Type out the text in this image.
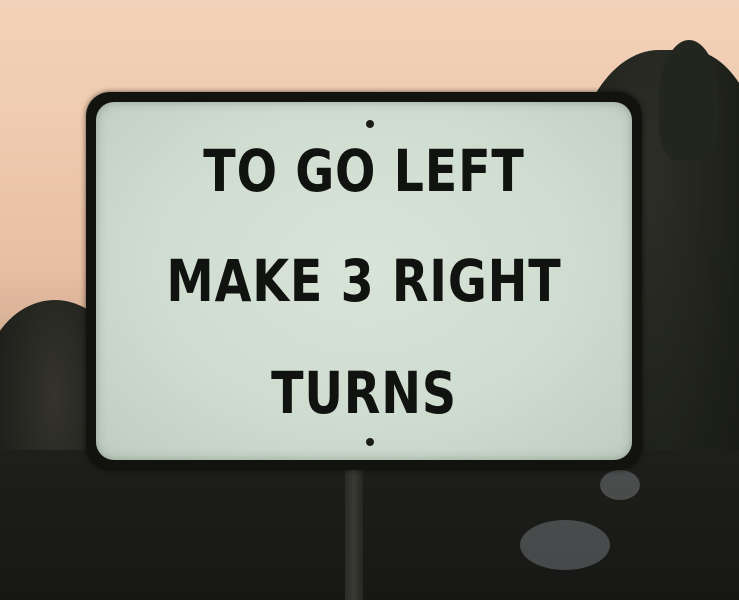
TO GO LEFT
MAKE 3 RIGHT
TURNS
